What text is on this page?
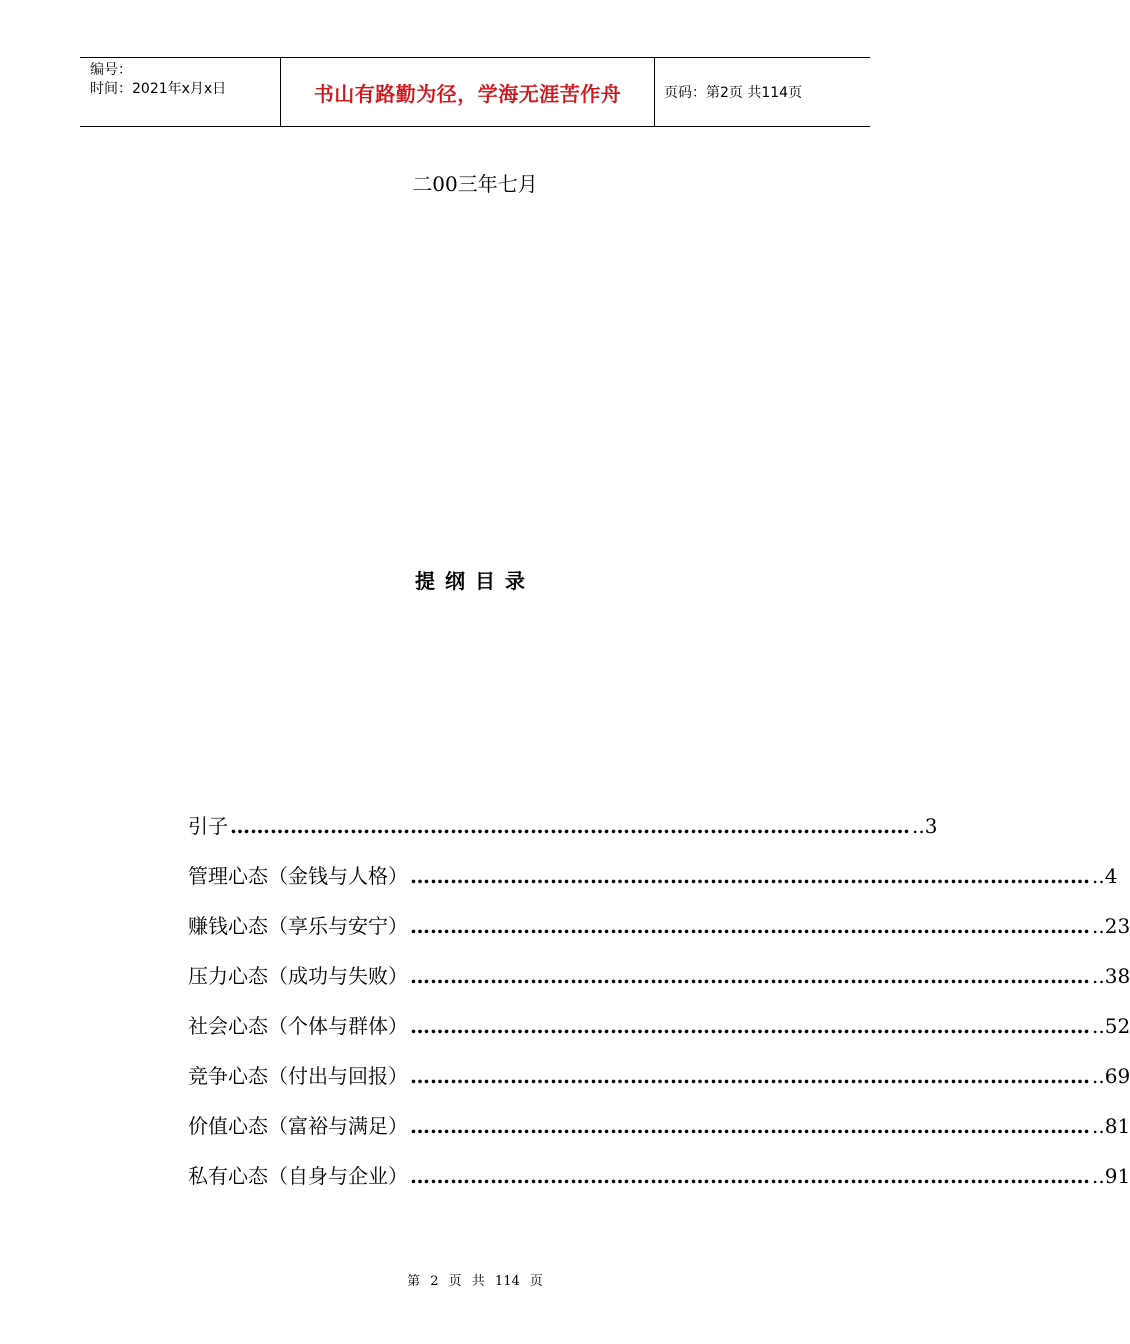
编号：
时间：2021年x月x日	书山有路勤为径，学海无涯苦作舟	页码：第2页 共114页
二00三年七月
提纲目录
引子 ………………………………………………………………………………………… ..3
管理心态（金钱与人格） ………………………………………………………………………………………… ..4
赚钱心态（享乐与安宁） ………………………………………………………………………………………… ..23
压力心态（成功与失败） ………………………………………………………………………………………… ..38
社会心态（个体与群体） ………………………………………………………………………………………… ..52
竞争心态（付出与回报） ………………………………………………………………………………………… ..69
价值心态（富裕与满足） ………………………………………………………………………………………… ..81
私有心态（自身与企业） ………………………………………………………………………………………… ..91
第 2 页 共 114 页
